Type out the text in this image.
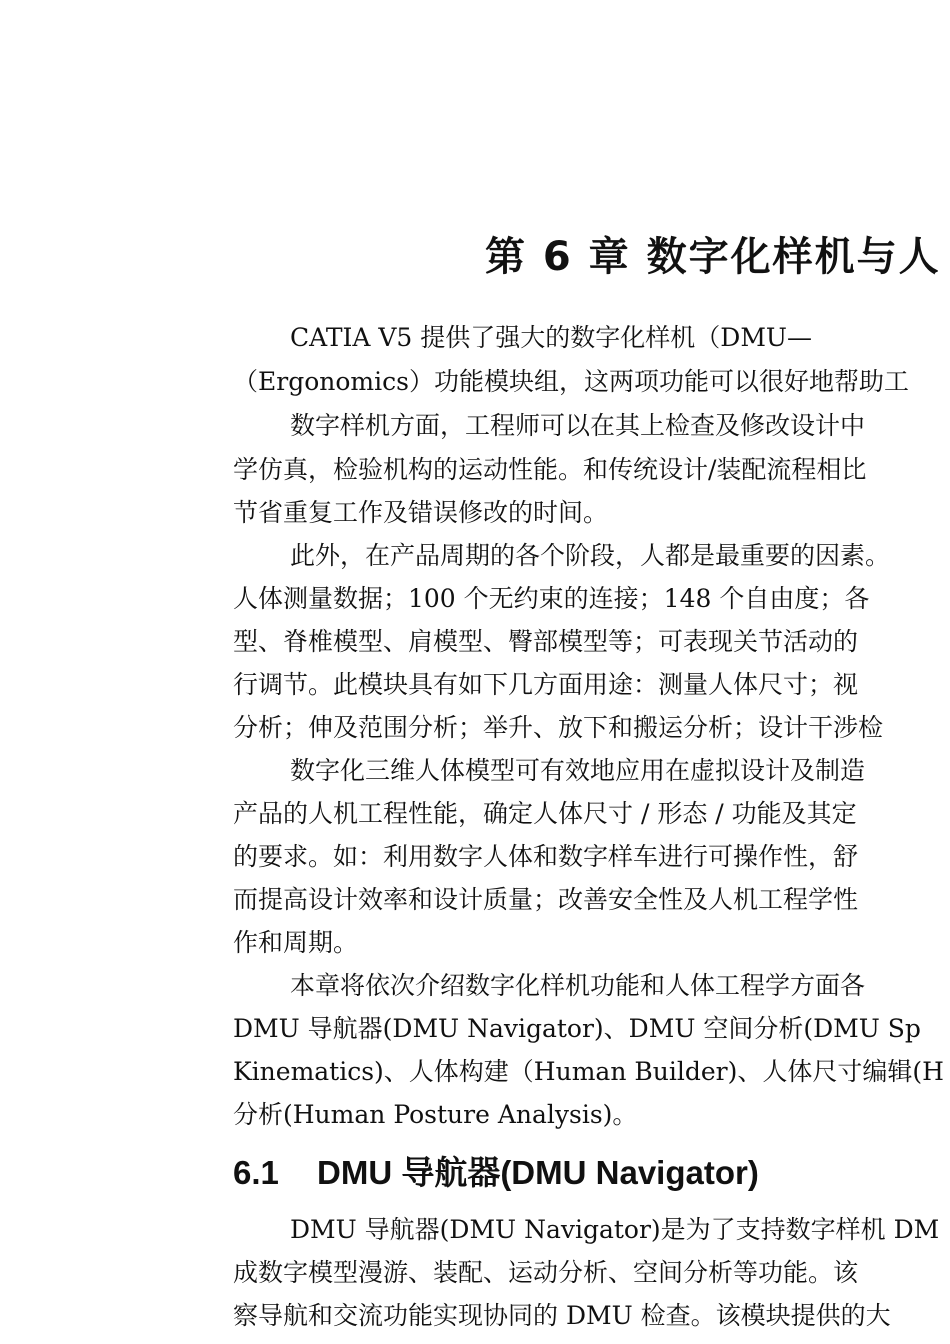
第 6 章 数字化样机与人

CATIA V5 提供了强大的数字化样机（DMU—

（Ergonomics）功能模块组，这两项功能可以很好地帮助工

数字样机方面，工程师可以在其上检查及修改设计中

学仿真，检验机构的运动性能。和传统设计/装配流程相比

节省重复工作及错误修改的时间。

此外，在产品周期的各个阶段，人都是最重要的因素。

人体测量数据；100 个无约束的连接；148 个自由度；各

型、脊椎模型、肩模型、臀部模型等；可表现关节活动的

行调节。此模块具有如下几方面用途：测量人体尺寸；视

分析；伸及范围分析；举升、放下和搬运分析；设计干涉检

数字化三维人体模型可有效地应用在虚拟设计及制造

产品的人机工程性能，确定人体尺寸 / 形态 / 功能及其定

的要求。如：利用数字人体和数字样车进行可操作性，舒

而提高设计效率和设计质量；改善安全性及人机工程学性

作和周期。

本章将依次介绍数字化样机功能和人体工程学方面各

DMU 导航器(DMU Navigator)、DMU 空间分析(DMU Sp

Kinematics)、人体构建（Human Builder)、人体尺寸编辑(H

分析(Human Posture Analysis)。

6.1 DMU 导航器(DMU Navigator)

DMU 导航器(DMU Navigator)是为了支持数字样机 DM

成数字模型漫游、装配、运动分析、空间分析等功能。该

察导航和交流功能实现协同的 DMU 检查。该模块提供的大
